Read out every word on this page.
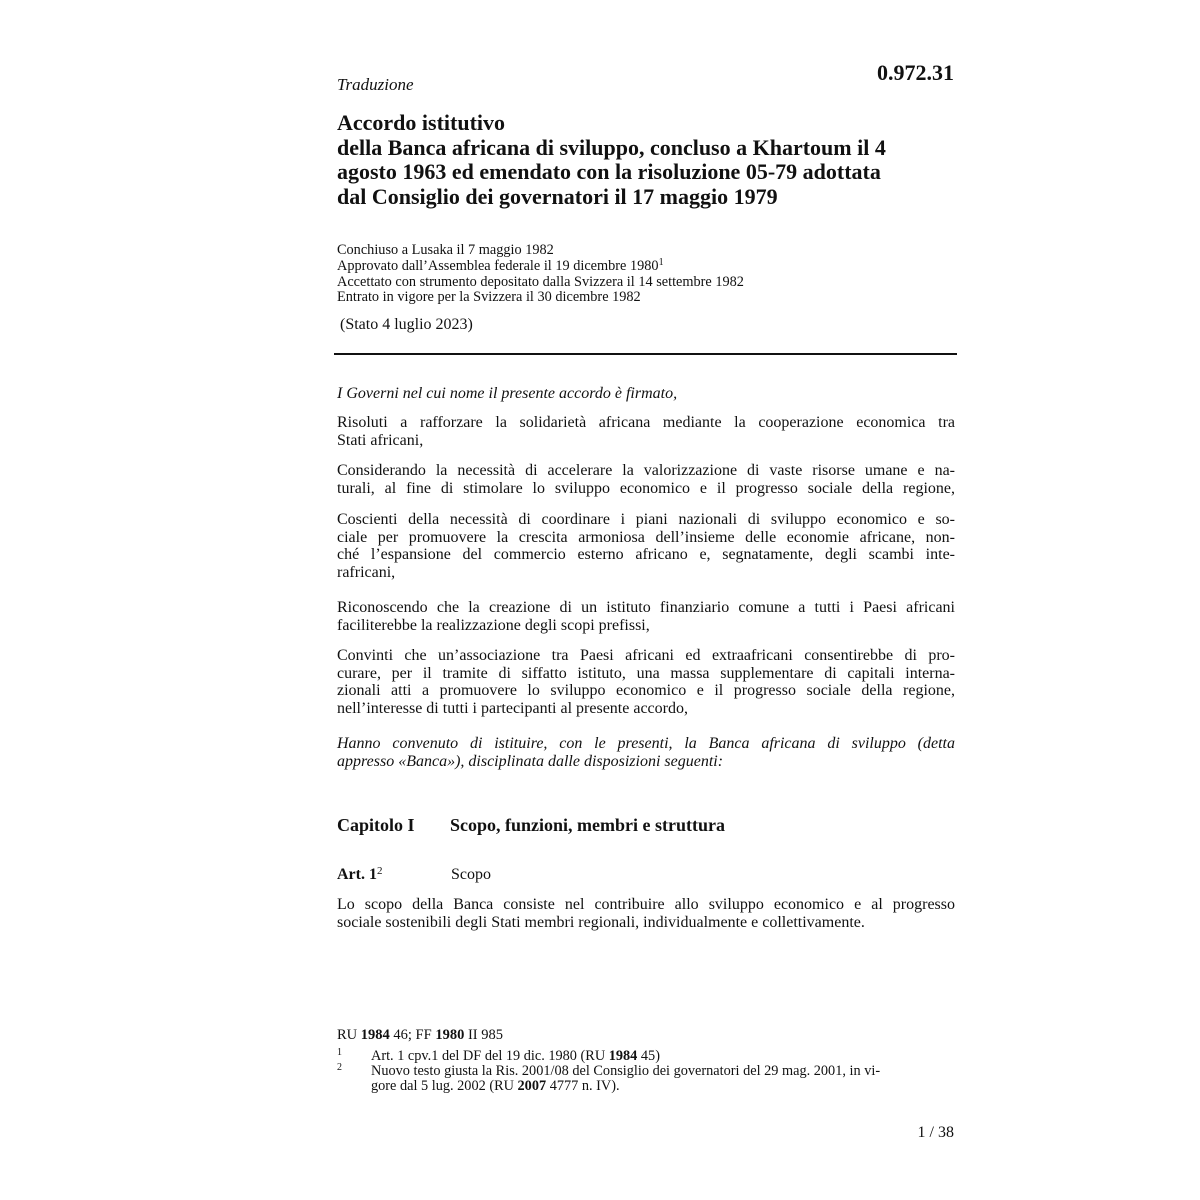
Traduzione	0.972.31
Accordo istitutivo
della Banca africana di sviluppo, concluso a Khartoum il 4
agosto 1963 ed emendato con la risoluzione 05-79 adottata
dal Consiglio dei governatori il 17 maggio 1979
Conchiuso a Lusaka il 7 maggio 1982
Approvato dall’Assemblea federale il 19 dicembre 1980$^1$
Accettato con strumento depositato dalla Svizzera il 14 settembre 1982
Entrato in vigore per la Svizzera il 30 dicembre 1982
(Stato 4 luglio 2023)
I Governi nel cui nome il presente accordo è firmato,
Risoluti a rafforzare la solidarietà africana mediante la cooperazione economica tra
Stati africani,
Considerando la necessità di accelerare la valorizzazione di vaste risorse umane e na-
turali, al fine di stimolare lo sviluppo economico e il progresso sociale della regione,
Coscienti della necessità di coordinare i piani nazionali di sviluppo economico e so-
ciale per promuovere la crescita armoniosa dell’insieme delle economie africane, non-
ché l’espansione del commercio esterno africano e, segnatamente, degli scambi inte-
rafricani,
Riconoscendo che la creazione di un istituto finanziario comune a tutti i Paesi africani
faciliterebbe la realizzazione degli scopi prefissi,
Convinti che un’associazione tra Paesi africani ed extraafricani consentirebbe di pro-
curare, per il tramite di siffatto istituto, una massa supplementare di capitali interna-
zionali atti a promuovere lo sviluppo economico e il progresso sociale della regione,
nell’interesse di tutti i partecipanti al presente accordo,
Hanno convenuto di istituire, con le presenti, la Banca africana di sviluppo (detta
appresso «Banca»), disciplinata dalle disposizioni seguenti:
Capitolo I Scopo, funzioni, membri e struttura
Art. $1^2$	Scopo
Lo scopo della Banca consiste nel contribuire allo sviluppo economico e al progresso
sociale sostenibili degli Stati membri regionali, individualmente e collettivamente.
RU 1984 46; FF 1980 II 985
1 Art. 1 cpv.1 del DF del 19 dic. 1980 (RU 1984 45)
2 Nuovo testo giusta la Ris. 2001/08 del Consiglio dei governatori del 29 mag. 2001, in vi-
gore dal 5 lug. 2002 (RU 2007 4777 n. IV).
1 / 38
